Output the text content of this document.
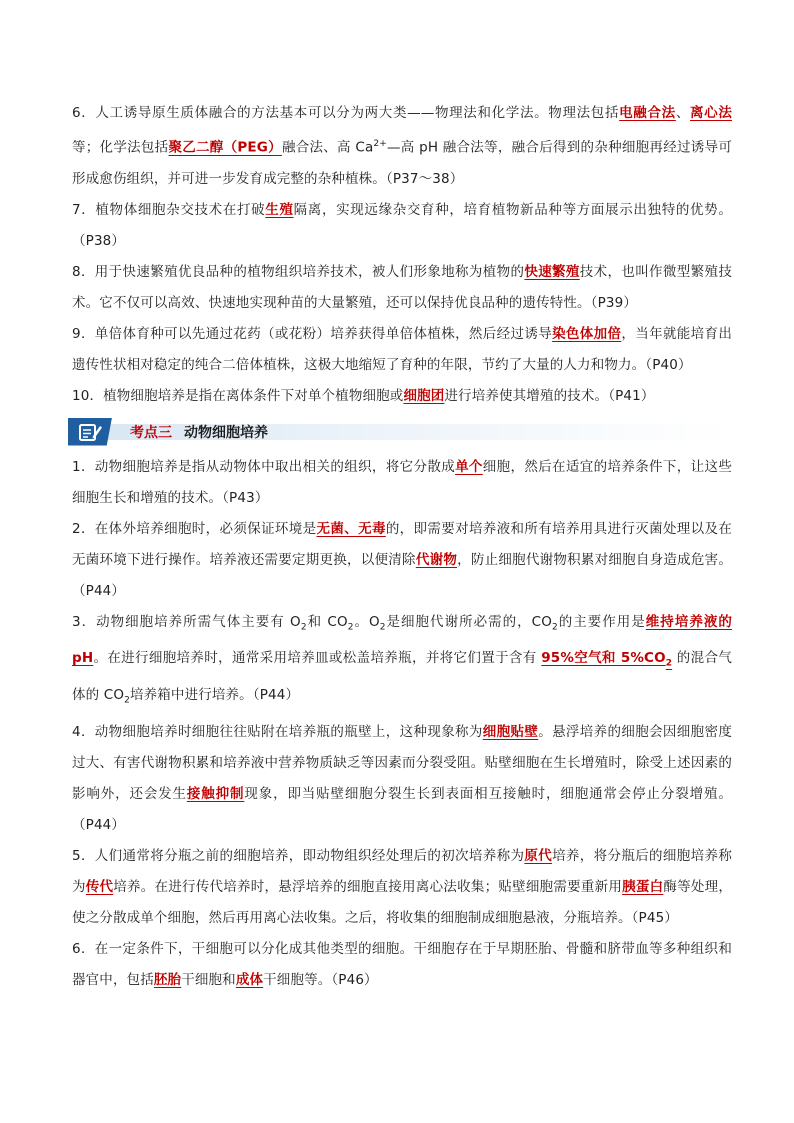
6．人工诱导原生质体融合的方法基本可以分为两大类——物理法和化学法。物理法包括电融合法、离心法等；化学法包括聚乙二醇（PEG）融合法、高 $Ca^{2+}—$高 pH 融合法等，融合后得到的杂种细胞再经过诱导可形成愈伤组织，并可进一步发育成完整的杂种植株。（P37～38）

7．植物体细胞杂交技术在打破生殖隔离，实现远缘杂交育种，培育植物新品种等方面展示出独特的优势。（P38）

8．用于快速繁殖优良品种的植物组织培养技术，被人们形象地称为植物的快速繁殖技术，也叫作微型繁殖技术。它不仅可以高效、快速地实现种苗的大量繁殖，还可以保持优良品种的遗传特性。（P39）

9．单倍体育种可以先通过花药（或花粉）培养获得单倍体植株，然后经过诱导染色体加倍，当年就能培育出遗传性状相对稳定的纯合二倍体植株，这极大地缩短了育种的年限，节约了大量的人力和物力。（P40）

10．植物细胞培养是指在离体条件下对单个植物细胞或细胞团进行培养使其增殖的技术。（P41）

考点三 动物细胞培养

1．动物细胞培养是指从动物体中取出相关的组织，将它分散成单个细胞，然后在适宜的培养条件下，让这些细胞生长和增殖的技术。（P43）

2．在体外培养细胞时，必须保证环境是无菌、无毒的，即需要对培养液和所有培养用具进行灭菌处理以及在无菌环境下进行操作。培养液还需要定期更换，以便清除代谢物，防止细胞代谢物积累对细胞自身造成危害。（P44）

3．动物细胞培养所需气体主要有 $O_2$和 $CO_2$。$O_2$是细胞代谢所必需的，$CO_2$的主要作用是维持培养液的 pH。在进行细胞培养时，通常采用培养皿或松盖培养瓶，并将它们置于含有 95%空气和 $5\%CO_2$ 的混合气体的 $CO_2$培养箱中进行培养。（P44）

4．动物细胞培养时细胞往往贴附在培养瓶的瓶壁上，这种现象称为细胞贴壁。悬浮培养的细胞会因细胞密度过大、有害代谢物积累和培养液中营养物质缺乏等因素而分裂受阻。贴壁细胞在生长增殖时，除受上述因素的影响外，还会发生接触抑制现象，即当贴壁细胞分裂生长到表面相互接触时，细胞通常会停止分裂增殖。（P44）

5．人们通常将分瓶之前的细胞培养，即动物组织经处理后的初次培养称为原代培养，将分瓶后的细胞培养称为传代培养。在进行传代培养时，悬浮培养的细胞直接用离心法收集；贴壁细胞需要重新用胰蛋白酶等处理，使之分散成单个细胞，然后再用离心法收集。之后，将收集的细胞制成细胞悬液，分瓶培养。（P45）

6．在一定条件下，干细胞可以分化成其他类型的细胞。干细胞存在于早期胚胎、骨髓和脐带血等多种组织和器官中，包括胚胎干细胞和成体干细胞等。（P46）
